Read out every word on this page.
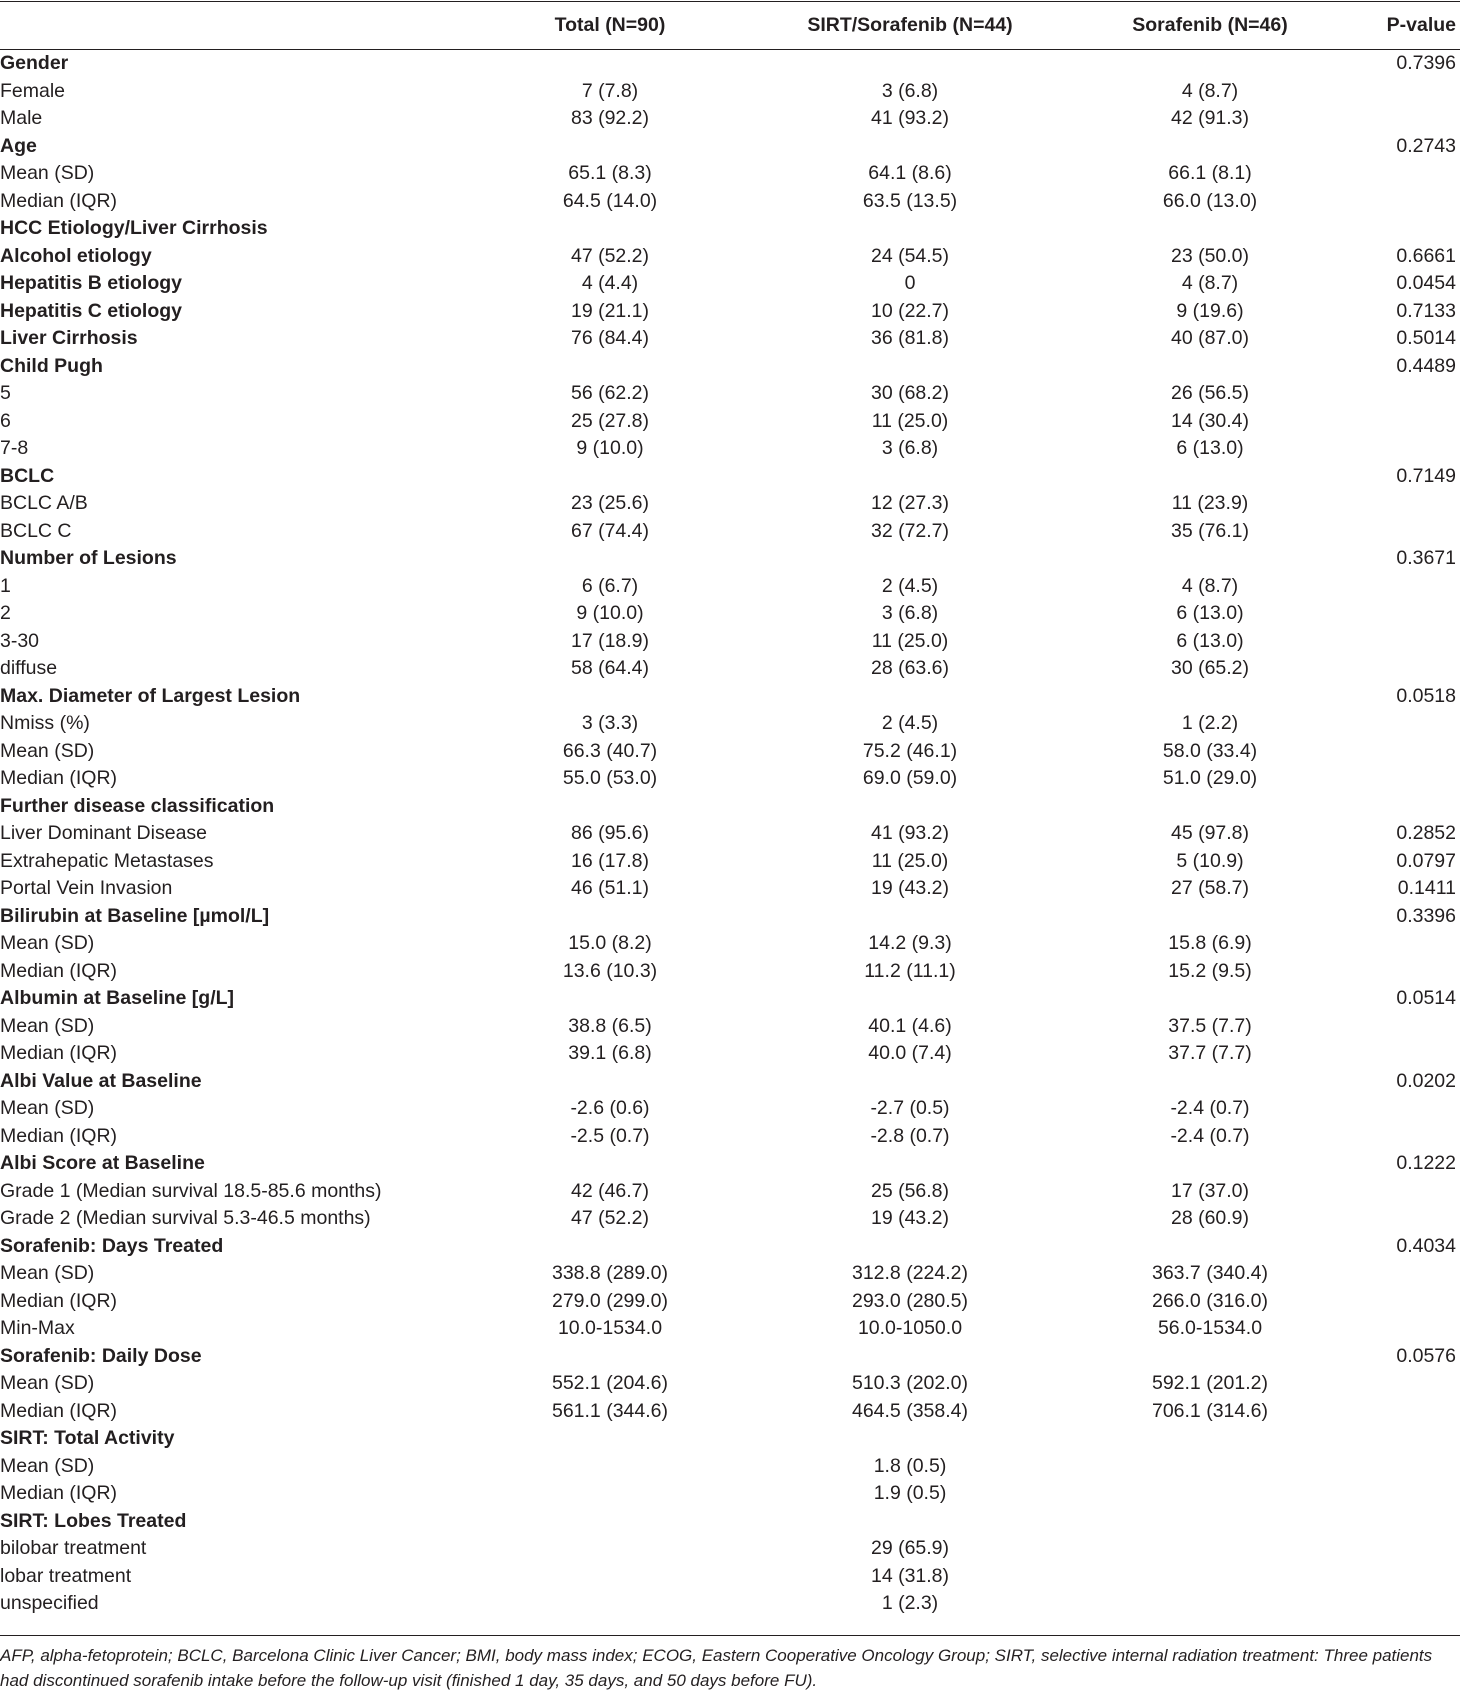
	Total (N=90)	SIRT/Sorafenib (N=44)	Sorafenib (N=46)	P-value
Gender				0.7396
Female	7 (7.8)	3 (6.8)	4 (8.7)	
Male	83 (92.2)	41 (93.2)	42 (91.3)	
Age				0.2743
Mean (SD)	65.1 (8.3)	64.1 (8.6)	66.1 (8.1)	
Median (IQR)	64.5 (14.0)	63.5 (13.5)	66.0 (13.0)	
HCC Etiology/Liver Cirrhosis				
Alcohol etiology	47 (52.2)	24 (54.5)	23 (50.0)	0.6661
Hepatitis B etiology	4 (4.4)	0	4 (8.7)	0.0454
Hepatitis C etiology	19 (21.1)	10 (22.7)	9 (19.6)	0.7133
Liver Cirrhosis	76 (84.4)	36 (81.8)	40 (87.0)	0.5014
Child Pugh				0.4489
5	56 (62.2)	30 (68.2)	26 (56.5)	
6	25 (27.8)	11 (25.0)	14 (30.4)	
7-8	9 (10.0)	3 (6.8)	6 (13.0)	
BCLC				0.7149
BCLC A/B	23 (25.6)	12 (27.3)	11 (23.9)	
BCLC C	67 (74.4)	32 (72.7)	35 (76.1)	
Number of Lesions				0.3671
1	6 (6.7)	2 (4.5)	4 (8.7)	
2	9 (10.0)	3 (6.8)	6 (13.0)	
3-30	17 (18.9)	11 (25.0)	6 (13.0)	
diffuse	58 (64.4)	28 (63.6)	30 (65.2)	
Max. Diameter of Largest Lesion				0.0518
Nmiss (%)	3 (3.3)	2 (4.5)	1 (2.2)	
Mean (SD)	66.3 (40.7)	75.2 (46.1)	58.0 (33.4)	
Median (IQR)	55.0 (53.0)	69.0 (59.0)	51.0 (29.0)	
Further disease classification				
Liver Dominant Disease	86 (95.6)	41 (93.2)	45 (97.8)	0.2852
Extrahepatic Metastases	16 (17.8)	11 (25.0)	5 (10.9)	0.0797
Portal Vein Invasion	46 (51.1)	19 (43.2)	27 (58.7)	0.1411
Bilirubin at Baseline [µmol/L]				0.3396
Mean (SD)	15.0 (8.2)	14.2 (9.3)	15.8 (6.9)	
Median (IQR)	13.6 (10.3)	11.2 (11.1)	15.2 (9.5)	
Albumin at Baseline [g/L]				0.0514
Mean (SD)	38.8 (6.5)	40.1 (4.6)	37.5 (7.7)	
Median (IQR)	39.1 (6.8)	40.0 (7.4)	37.7 (7.7)	
Albi Value at Baseline				0.0202
Mean (SD)	-2.6 (0.6)	-2.7 (0.5)	-2.4 (0.7)	
Median (IQR)	-2.5 (0.7)	-2.8 (0.7)	-2.4 (0.7)	
Albi Score at Baseline				0.1222
Grade 1 (Median survival 18.5-85.6 months)	42 (46.7)	25 (56.8)	17 (37.0)	
Grade 2 (Median survival 5.3-46.5 months)	47 (52.2)	19 (43.2)	28 (60.9)	
Sorafenib: Days Treated				0.4034
Mean (SD)	338.8 (289.0)	312.8 (224.2)	363.7 (340.4)	
Median (IQR)	279.0 (299.0)	293.0 (280.5)	266.0 (316.0)	
Min-Max	10.0-1534.0	10.0-1050.0	56.0-1534.0	
Sorafenib: Daily Dose				0.0576
Mean (SD)	552.1 (204.6)	510.3 (202.0)	592.1 (201.2)	
Median (IQR)	561.1 (344.6)	464.5 (358.4)	706.1 (314.6)	
SIRT: Total Activity				
Mean (SD)		1.8 (0.5)		
Median (IQR)		1.9 (0.5)		
SIRT: Lobes Treated				
bilobar treatment		29 (65.9)		
lobar treatment		14 (31.8)		
unspecified		1 (2.3)		
AFP, alpha-fetoprotein; BCLC, Barcelona Clinic Liver Cancer; BMI, body mass index; ECOG, Eastern Cooperative Oncology Group; SIRT, selective internal radiation treatment: Three patients had discontinued sorafenib intake before the follow-up visit (finished 1 day, 35 days, and 50 days before FU).
